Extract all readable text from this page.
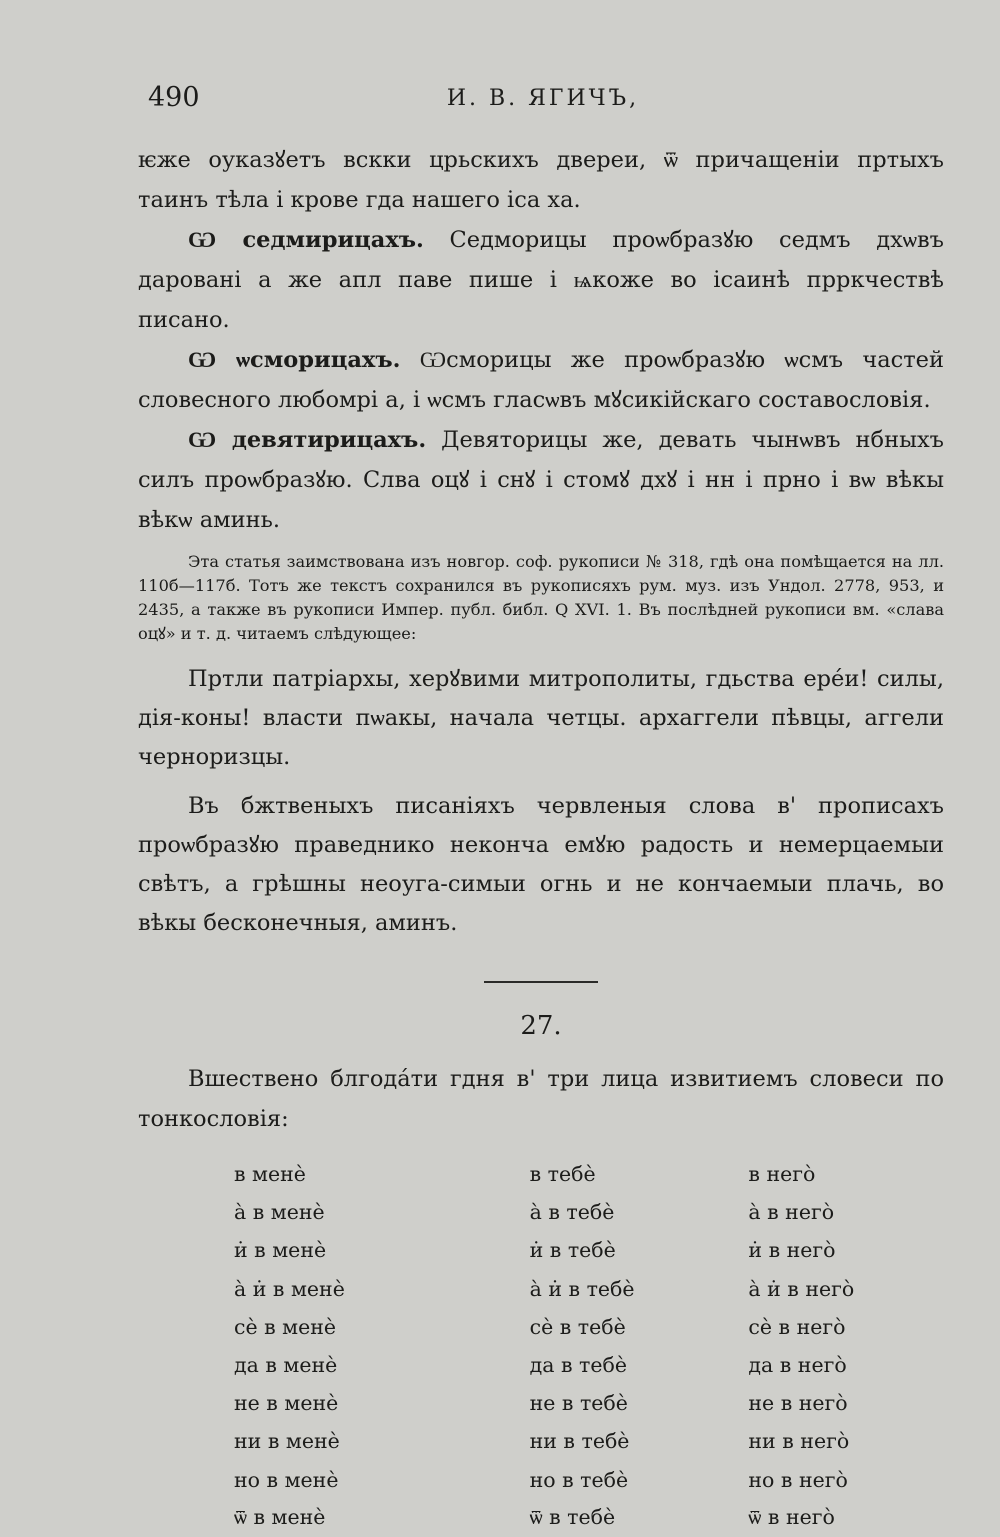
490	И. В. ЯГИЧЪ,

ѥже оуказꙋетъ вскки црьскихъ двереи, ѿ причащеніи пртыхъ таинъ тѣла і крове гда нашего іса ха.

Ѡ седмирицахъ. Седморицы проѡбразꙋю седмъ дхѡвъ даровані а же апл паве пише і ѩкоже во ісаинѣ прркчествѣ писано.

Ѡ ѡсморицахъ. Ѡсморицы же проѡбразꙋю ѡсмъ частей словесного любомрі а, і ѡсмъ гласѡвъ мꙋсикійскаго составословія.

Ѡ девятирицахъ. Девяторицы же, девать чынѡвъ нбныхъ силъ проѡбразꙋю. Слва оцꙋ і снꙋ і стомꙋ дхꙋ і нн і прно і вѡ вѣкы вѣкѡ аминь.

Эта статья заимствована изъ новгор. соф. рукописи № 318, гдѣ она помѣщается на лл. 110б—117б. Тотъ же текстъ сохранился въ рукописяхъ рум. муз. изъ Ундол. 2778, 953, и 2435, а также въ рукописи Импер. публ. библ. Q XVI. 1. Въ послѣдней рукописи вм. «слава оцꙋ» и т. д. читаемъ слѣдующее:

Пртли патріархы, херꙋвими митрополиты, гдьства ерéи! силы, дія-коны! власти пѡакы, начала четцы. архаггели пѣвцы, аггели черноризцы.

Въ бжтвеныхъ писаніяхъ червленыя слова в' прописахъ проѡбразꙋю праведнико неконча емꙋю радость и немерцаемыи свѣтъ, а грѣшны неоуга-симыи огнь и не кончаемыи плачь, во вѣкы бесконечныя, аминъ.

27.

Вшествено блгодáти гдня в' три лица извитиемъ словеси по тонкословія:

в менѐ	в тебѐ	в негò
а̀ в менѐ	а̀ в тебѐ	а̀ в негò
и̇ в менѐ	и̇ в тебѐ	и̇ в негò
а̀ и̇ в менѐ	а̀ и̇ в тебѐ	а̀ и̇ в негò
сѐ в менѐ	сѐ в тебѐ	сѐ в негò
да в менѐ	да в тебѐ	да в негò
не в менѐ	не в тебѐ	не в негò
ни в менѐ	ни в тебѐ	ни в негò
но в менѐ	но в тебѐ	но в негò
ѿ в менѐ	ѿ в тебѐ	ѿ в негò
